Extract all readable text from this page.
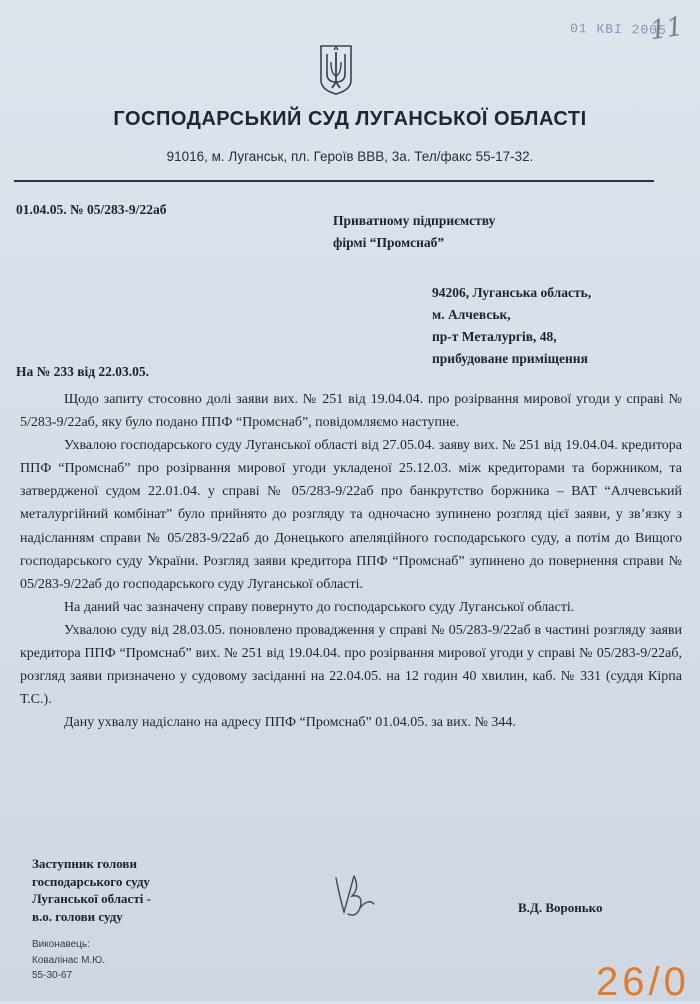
01 КВІ 2005
11
ГОСПОДАРСЬКИЙ СУД ЛУГАНСЬКОЇ ОБЛАСТІ
91016, м. Луганськ, пл. Героїв ВВВ, 3а. Тел/факс 55-17-32.
01.04.05. № 05/283-9/22аб
Приватному підприємству
фірмі “Промснаб”
94206, Луганська область,
м. Алчевськ,
пр-т Металургів, 48,
прибудоване приміщення
На № 233 від 22.03.05.

Щодо запиту стосовно долі заяви вих. № 251 від 19.04.04. про розірвання мирової угоди у справі № 5/283-9/22аб, яку було подано ППФ “Промснаб”, повідомляємо наступне.

Ухвалою господарського суду Луганської області від 27.05.04. заяву вих. № 251 від 19.04.04. кредитора ППФ “Промснаб” про розірвання мирової угоди укладеної 25.12.03. між кредиторами та боржником, та затвердженої судом 22.01.04. у справі № 05/283-9/22аб про банкрутство боржника – ВАТ “Алчевський металургійний комбінат” було прийнято до розгляду та одночасно зупинено розгляд цієї заяви, у зв’язку з надісланням справи № 05/283-9/22аб до Донецького апеляційного господарського суду, а потім до Вищого господарського суду України. Розгляд заяви кредитора ППФ “Промснаб” зупинено до повернення справи № 05/283-9/22аб до господарського суду Луганської області.

На даний час зазначену справу повернуто до господарського суду Луганської області.

Ухвалою суду від 28.03.05. поновлено провадження у справі № 05/283-9/22аб в частині розгляду заяви кредитора ППФ “Промснаб” вих. № 251 від 19.04.04. про розірвання мирової угоди у справі № 05/283-9/22аб, розгляд заяви призначено у судовому засіданні на 22.04.05. на 12 годин 40 хвилин, каб. № 331 (суддя Кірпа Т.С.).

Дану ухвалу надіслано на адресу ППФ “Промснаб” 01.04.05. за вих. № 344.

Заступник голови
господарського суду
Луганської області -
в.о. голови суду
В.Д. Воронько
Виконавець:
Ковалінас М.Ю.
55-30-67	26/0
